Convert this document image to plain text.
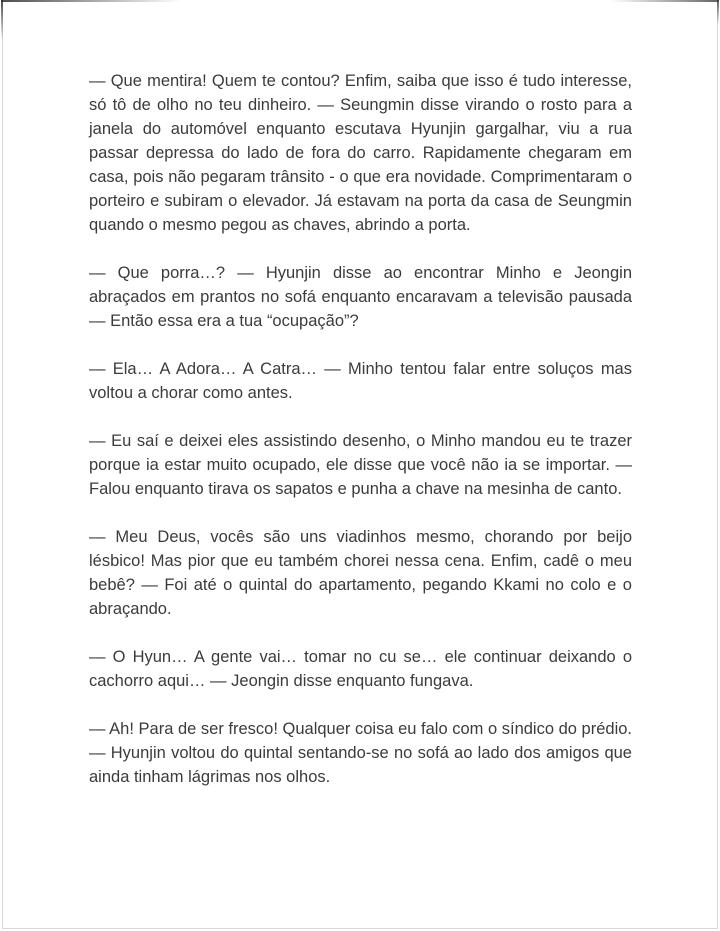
— Que mentira! Quem te contou? Enfim, saiba que isso é tudo interesse, só tô de olho no teu dinheiro. — Seungmin disse virando o rosto para a janela do automóvel enquanto escutava Hyunjin gargalhar, viu a rua passar depressa do lado de fora do carro. Rapidamente chegaram em casa, pois não pegaram trânsito - o que era novidade. Comprimentaram o porteiro e subiram o elevador. Já estavam na porta da casa de Seungmin quando o mesmo pegou as chaves, abrindo a porta.

— Que porra…? — Hyunjin disse ao encontrar Minho e Jeongin abraçados em prantos no sofá enquanto encaravam a televisão pausada — Então essa era a tua “ocupação”?

— Ela… A Adora… A Catra… — Minho tentou falar entre soluços mas voltou a chorar como antes.

— Eu saí e deixei eles assistindo desenho, o Minho mandou eu te trazer porque ia estar muito ocupado, ele disse que você não ia se importar. — Falou enquanto tirava os sapatos e punha a chave na mesinha de canto.

— Meu Deus, vocês são uns viadinhos mesmo, chorando por beijo lésbico! Mas pior que eu também chorei nessa cena. Enfim, cadê o meu bebê? — Foi até o quintal do apartamento, pegando Kkami no colo e o abraçando.

— O Hyun… A gente vai… tomar no cu se… ele continuar deixando o cachorro aqui… — Jeongin disse enquanto fungava.

— Ah! Para de ser fresco! Qualquer coisa eu falo com o síndico do prédio. — Hyunjin voltou do quintal sentando-se no sofá ao lado dos amigos que ainda tinham lágrimas nos olhos.
